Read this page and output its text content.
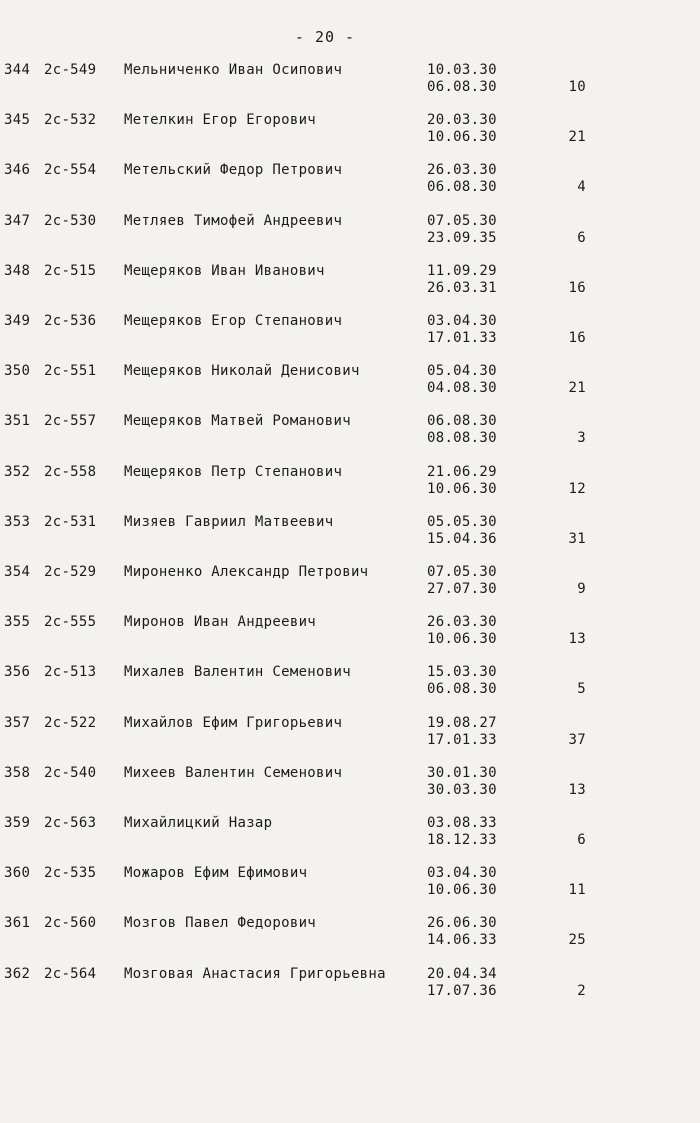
- 20 -
344 2c-549 Мельниченко Иван Осипович	10.03.30
06.08.30	10
345 2c-532 Метелкин Егор Егорович	20.03.30
10.06.30	21
346 2c-554 Метельский Федор Петрович	26.03.30
06.08.30	4
347 2c-530 Метляев Тимофей Андреевич	07.05.30
23.09.35	6
348 2c-515 Мещеряков Иван Иванович	11.09.29
26.03.31	16
349 2c-536 Мещеряков Егор Степанович	03.04.30
17.01.33	16
350 2c-551 Мещеряков Николай Денисович	05.04.30
04.08.30	21
351 2c-557 Мещеряков Матвей Романович	06.08.30
08.08.30	3
352 2c-558 Мещеряков Петр Степанович	21.06.29
10.06.30	12
353 2c-531 Мизяев Гавриил Матвеевич	05.05.30
15.04.36	31
354 2c-529 Мироненко Александр Петрович	07.05.30
27.07.30	9
355 2c-555 Миронов Иван Андреевич	26.03.30
10.06.30	13
356 2c-513 Михалев Валентин Семенович	15.03.30
06.08.30	5
357 2c-522 Михайлов Ефим Григорьевич	19.08.27
17.01.33	37
358 2c-540 Михеев Валентин Семенович	30.01.30
30.03.30	13
359 2c-563 Михайлицкий Назар	03.08.33
18.12.33	6
360 2c-535 Можаров Ефим Ефимович	03.04.30
10.06.30	11
361 2c-560 Мозгов Павел Федорович	26.06.30
14.06.33	25
362 2c-564 Мозговая Анастасия Григорьевна	20.04.34
17.07.36	2
